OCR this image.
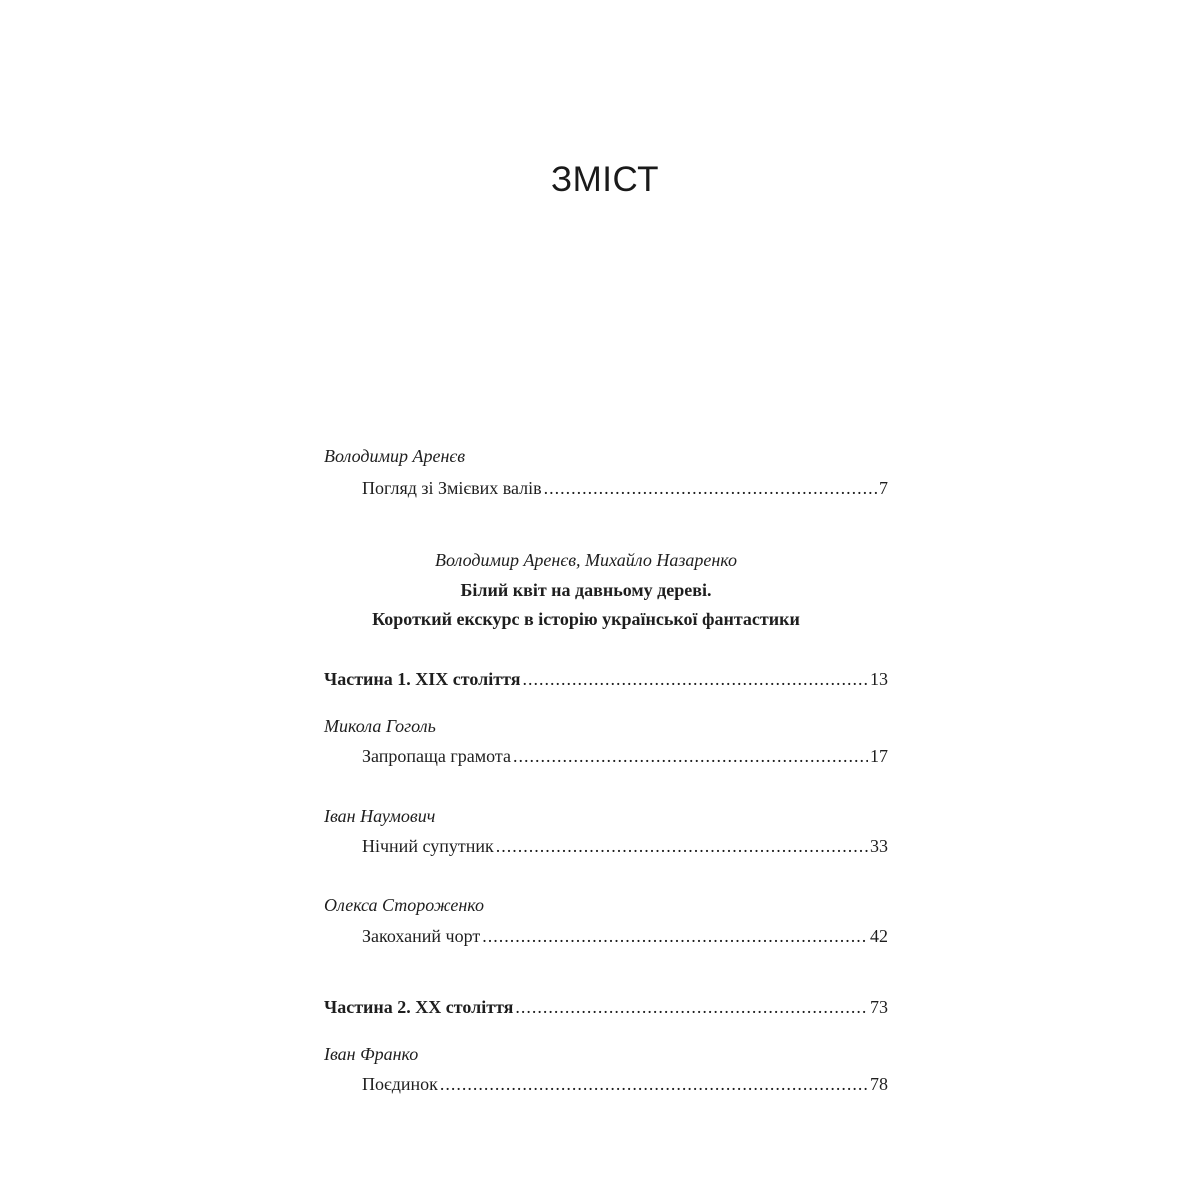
ЗМІСТ
Володимир Аренєв
Погляд зі Змієвих валів .....	7
Володимир Аренєв, Михайло Назаренко
Білий квіт на давньому дереві.
Короткий екскурс в історію української фантастики
Частина 1. XIX століття .....	13
Микола Гоголь
Запропаща грамота .....	17
Іван Наумович
Нічний супутник .....	33
Олекса Стороженко
Закоханий чорт .....	42
Частина 2. ХХ століття .....	73
Іван Франко
Поєдинок .....	78
